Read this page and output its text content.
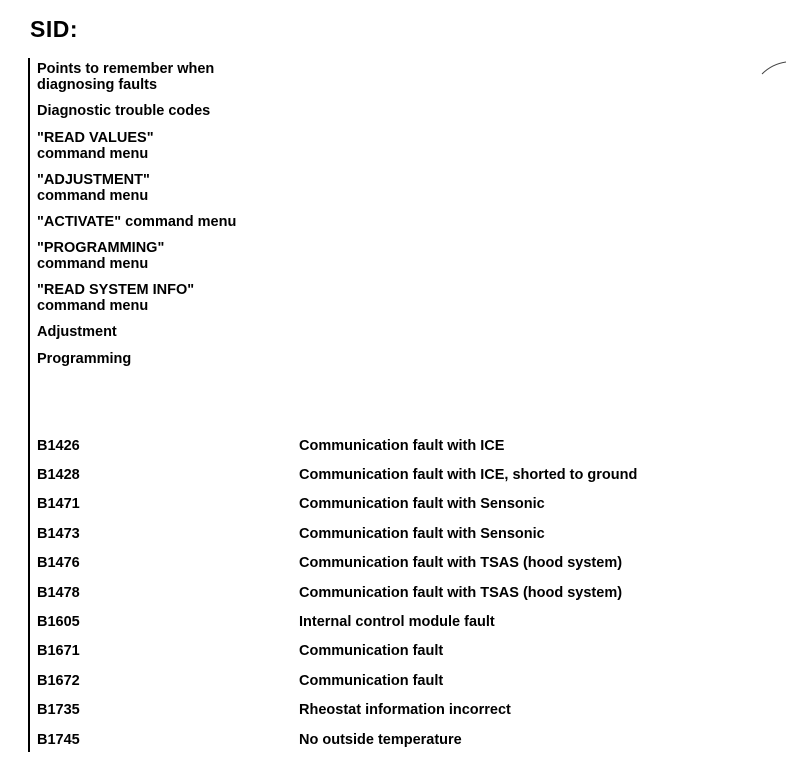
SID:
Points to remember when diagnosing faults
Diagnostic trouble codes
"READ VALUES" command menu
"ADJUSTMENT" command menu
"ACTIVATE" command menu
"PROGRAMMING" command menu
"READ SYSTEM INFO" command menu
Adjustment
Programming
B1426	Communication fault with ICE
B1428	Communication fault with ICE, shorted to ground
B1471	Communication fault with Sensonic
B1473	Communication fault with Sensonic
B1476	Communication fault with TSAS (hood system)
B1478	Communication fault with TSAS (hood system)
B1605	Internal control module fault
B1671	Communication fault
B1672	Communication fault
B1735	Rheostat information incorrect
B1745	No outside temperature
